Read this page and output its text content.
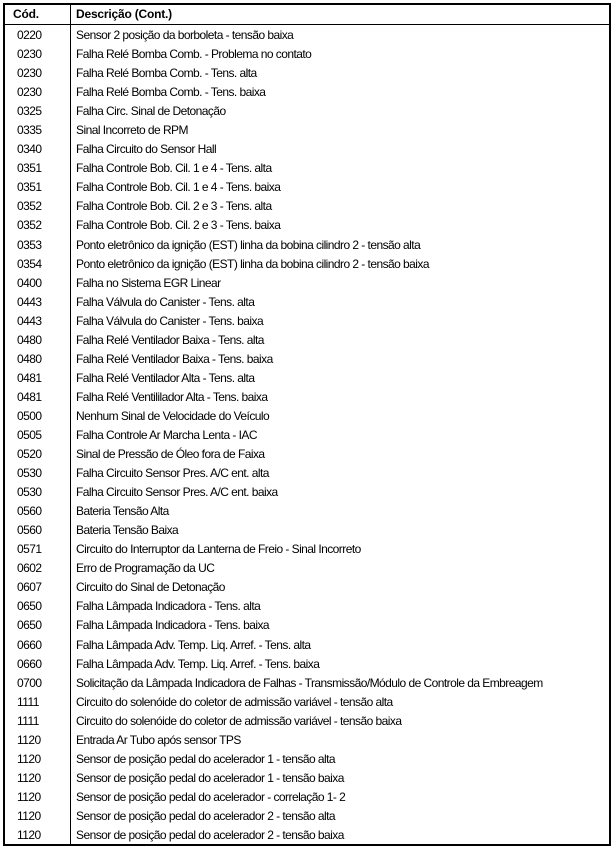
Cód.	Descrição (Cont.)
0220	Sensor 2 posição da borboleta - tensão baixa
0230	Falha Relé Bomba Comb. - Problema no contato
0230	Falha Relé Bomba Comb. - Tens. alta
0230	Falha Relé Bomba Comb. - Tens. baixa
0325	Falha Circ. Sinal de Detonação
0335	Sinal Incorreto de RPM
0340	Falha Circuito do Sensor Hall
0351	Falha Controle Bob. Cil. 1 e 4 - Tens. alta
0351	Falha Controle Bob. Cil. 1 e 4 - Tens. baixa
0352	Falha Controle Bob. Cil. 2 e 3 - Tens. alta
0352	Falha Controle Bob. Cil. 2 e 3 - Tens. baixa
0353	Ponto eletrônico da ignição (EST) linha da bobina cilindro 2 - tensão alta
0354	Ponto eletrônico da ignição (EST) linha da bobina cilindro 2 - tensão baixa
0400	Falha no Sistema EGR Linear
0443	Falha Válvula do Canister - Tens. alta
0443	Falha Válvula do Canister - Tens. baixa
0480	Falha Relé Ventilador Baixa - Tens. alta
0480	Falha Relé Ventilador Baixa - Tens. baixa
0481	Falha Relé Ventilador Alta - Tens. alta
0481	Falha Relé Ventililador Alta - Tens. baixa
0500	Nenhum Sinal de Velocidade do Veículo
0505	Falha Controle Ar Marcha Lenta - IAC
0520	Sinal de Pressão de Óleo fora de Faixa
0530	Falha Circuito Sensor Pres. A/C ent. alta
0530	Falha Circuito Sensor Pres. A/C ent. baixa
0560	Bateria Tensão Alta
0560	Bateria Tensão Baixa
0571	Circuito do Interruptor da Lanterna de Freio - Sinal Incorreto
0602	Erro de Programação da UC
0607	Circuito do Sinal de Detonação
0650	Falha Lâmpada Indicadora - Tens. alta
0650	Falha Lâmpada Indicadora - Tens. baixa
0660	Falha Lâmpada Adv. Temp. Liq. Arref. - Tens. alta
0660	Falha Lâmpada Adv. Temp. Liq. Arref. - Tens. baixa
0700	Solicitação da Lâmpada Indicadora de Falhas - Transmissão/Módulo de Controle da Embreagem
1111	Circuito do solenóide do coletor de admissão variável - tensão alta
1111	Circuito do solenóide do coletor de admissão variável - tensão baixa
1120	Entrada Ar Tubo após sensor TPS
1120	Sensor de posição pedal do acelerador 1 - tensão alta
1120	Sensor de posição pedal do acelerador 1 - tensão baixa
1120	Sensor de posição pedal do acelerador - correlação 1- 2
1120	Sensor de posição pedal do acelerador 2 - tensão alta
1120	Sensor de posição pedal do acelerador 2 - tensão baixa
